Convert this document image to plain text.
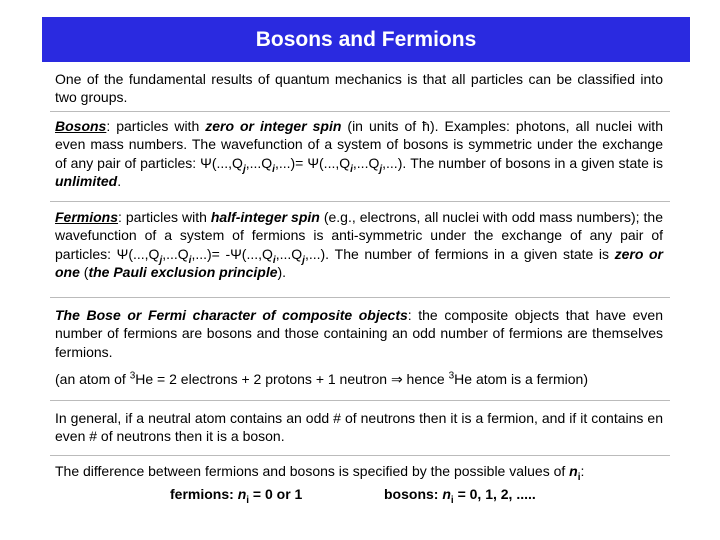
Bosons and Fermions
One of the fundamental results of quantum mechanics is that all particles can be classified into two groups.
Bosons: particles with zero or integer spin (in units of ħ). Examples: photons, all nuclei with even mass numbers. The wavefunction of a system of bosons is symmetric under the exchange of any pair of particles: $\Psi(...,Q_j,...Q_i,...)= \Psi(...,Q_i,...Q_j,...)$. The number of bosons in a given state is unlimited.
Fermions: particles with half-integer spin (e.g., electrons, all nuclei with odd mass numbers); the wavefunction of a system of fermions is anti-symmetric under the exchange of any pair of particles: $\Psi(...,Q_j,...Q_i,...)= -\Psi(...,Q_i,...Q_j,...)$. The number of fermions in a given state is zero or one (the Pauli exclusion principle).
The Bose or Fermi character of composite objects: the composite objects that have even number of fermions are bosons and those containing an odd number of fermions are themselves fermions.
(an atom of $^3$He = 2 electrons + 2 protons + 1 neutron ⇒ hence $^3$He atom is a fermion)
In general, if a neutral atom contains an odd # of neutrons then it is a fermion, and if it contains en even # of neutrons then it is a boson.
The difference between fermions and bosons is specified by the possible values of $n_i$:
fermions: $n_i = 0$ or 1	bosons: $n_i = 0$, 1, 2, .....
